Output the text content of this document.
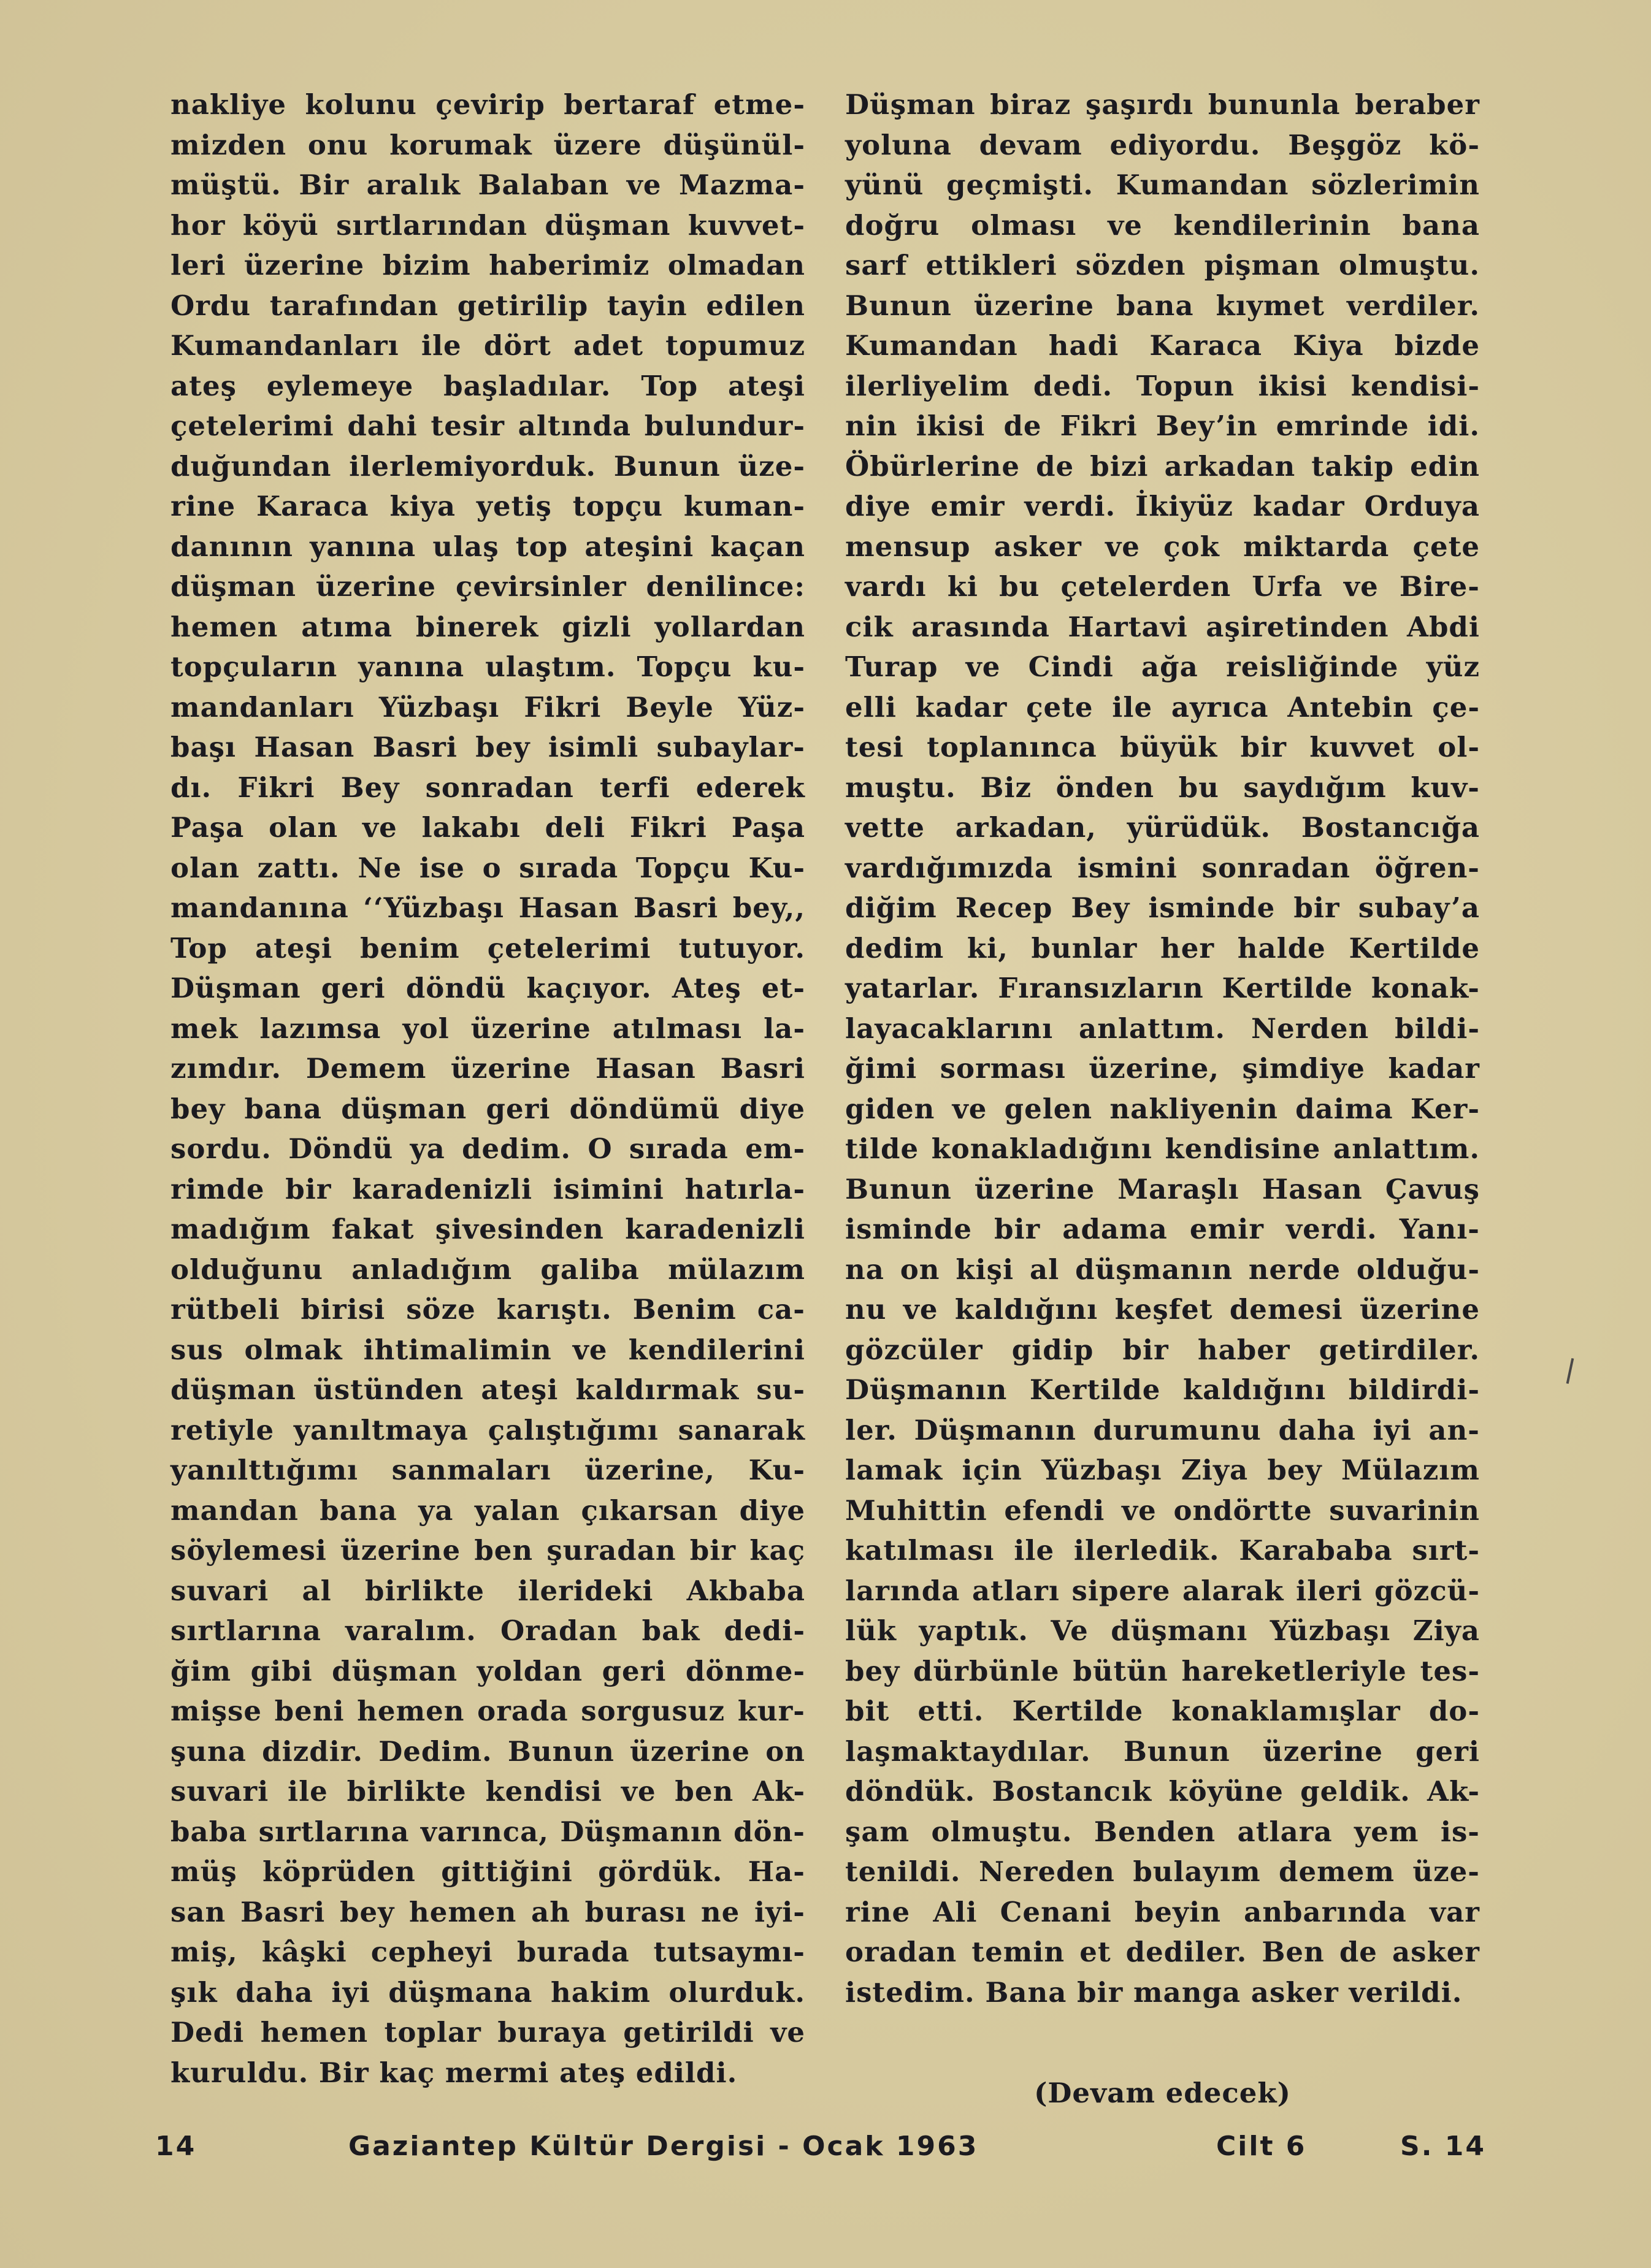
nakliye kolunu çevirip bertaraf etme-
mizden onu korumak üzere düşünül-
müştü. Bir aralık Balaban ve Mazma-
hor köyü sırtlarından düşman kuvvet-
leri üzerine bizim haberimiz olmadan
Ordu tarafından getirilip tayin edilen
Kumandanları ile dört adet topumuz
ateş eylemeye başladılar. Top ateşi
çetelerimi dahi tesir altında bulundur-
duğundan ilerlemiyorduk. Bunun üze-
rine Karaca kiya yetiş topçu kuman-
danının yanına ulaş top ateşini kaçan
düşman üzerine çevirsinler denilince:
hemen atıma binerek gizli yollardan
topçuların yanına ulaştım. Topçu ku-
mandanları Yüzbaşı Fikri Beyle Yüz-
başı Hasan Basri bey isimli subaylar-
dı. Fikri Bey sonradan terfi ederek
Paşa olan ve lakabı deli Fikri Paşa
olan zattı. Ne ise o sırada Topçu Ku-
mandanına ‘‘Yüzbaşı Hasan Basri bey,,
Top ateşi benim çetelerimi tutuyor.
Düşman geri döndü kaçıyor. Ateş et-
mek lazımsa yol üzerine atılması la-
zımdır. Demem üzerine Hasan Basri
bey bana düşman geri döndümü diye
sordu. Döndü ya dedim. O sırada em-
rimde bir karadenizli isimini hatırla-
madığım fakat şivesinden karadenizli
olduğunu anladığım galiba mülazım
rütbeli birisi söze karıştı. Benim ca-
sus olmak ihtimalimin ve kendilerini
düşman üstünden ateşi kaldırmak su-
retiyle yanıltmaya çalıştığımı sanarak
yanılttığımı sanmaları üzerine, Ku-
mandan bana ya yalan çıkarsan diye
söylemesi üzerine ben şuradan bir kaç
suvari al birlikte ilerideki Akbaba
sırtlarına varalım. Oradan bak dedi-
ğim gibi düşman yoldan geri dönme-
mişse beni hemen orada sorgusuz kur-
şuna dizdir. Dedim. Bunun üzerine on
suvari ile birlikte kendisi ve ben Ak-
baba sırtlarına varınca, Düşmanın dön-
müş köprüden gittiğini gördük. Ha-
san Basri bey hemen ah burası ne iyi-
miş, kâşki cepheyi burada tutsaymı-
şık daha iyi düşmana hakim olurduk.
Dedi hemen toplar buraya getirildi ve
kuruldu. Bir kaç mermi ateş edildi.
Düşman biraz şaşırdı bununla beraber
yoluna devam ediyordu. Beşgöz kö-
yünü geçmişti. Kumandan sözlerimin
doğru olması ve kendilerinin bana
sarf ettikleri sözden pişman olmuştu.
Bunun üzerine bana kıymet verdiler.
Kumandan hadi Karaca Kiya bizde
ilerliyelim dedi. Topun ikisi kendisi-
nin ikisi de Fikri Bey’in emrinde idi.
Öbürlerine de bizi arkadan takip edin
diye emir verdi. İkiyüz kadar Orduya
mensup asker ve çok miktarda çete
vardı ki bu çetelerden Urfa ve Bire-
cik arasında Hartavi aşiretinden Abdi
Turap ve Cindi ağa reisliğinde yüz
elli kadar çete ile ayrıca Antebin çe-
tesi toplanınca büyük bir kuvvet ol-
muştu. Biz önden bu saydığım kuv-
vette arkadan, yürüdük. Bostancığa
vardığımızda ismini sonradan öğren-
diğim Recep Bey isminde bir subay’a
dedim ki, bunlar her halde Kertilde
yatarlar. Fıransızların Kertilde konak-
layacaklarını anlattım. Nerden bildi-
ğimi sorması üzerine, şimdiye kadar
giden ve gelen nakliyenin daima Ker-
tilde konakladığını kendisine anlattım.
Bunun üzerine Maraşlı Hasan Çavuş
isminde bir adama emir verdi. Yanı-
na on kişi al düşmanın nerde olduğu-
nu ve kaldığını keşfet demesi üzerine
gözcüler gidip bir haber getirdiler.
Düşmanın Kertilde kaldığını bildirdi-
ler. Düşmanın durumunu daha iyi an-
lamak için Yüzbaşı Ziya bey Mülazım
Muhittin efendi ve ondörtte suvarinin
katılması ile ilerledik. Karababa sırt-
larında atları sipere alarak ileri gözcü-
lük yaptık. Ve düşmanı Yüzbaşı Ziya
bey dürbünle bütün hareketleriyle tes-
bit etti. Kertilde konaklamışlar do-
laşmaktaydılar. Bunun üzerine geri
döndük. Bostancık köyüne geldik. Ak-
şam olmuştu. Benden atlara yem is-
tenildi. Nereden bulayım demem üze-
rine Ali Cenani beyin anbarında var
oradan temin et dediler. Ben de asker
istedim. Bana bir manga asker verildi.
(Devam edecek)
14	Gaziantep Kültür Dergisi - Ocak 1963	Cilt 6	S. 14
